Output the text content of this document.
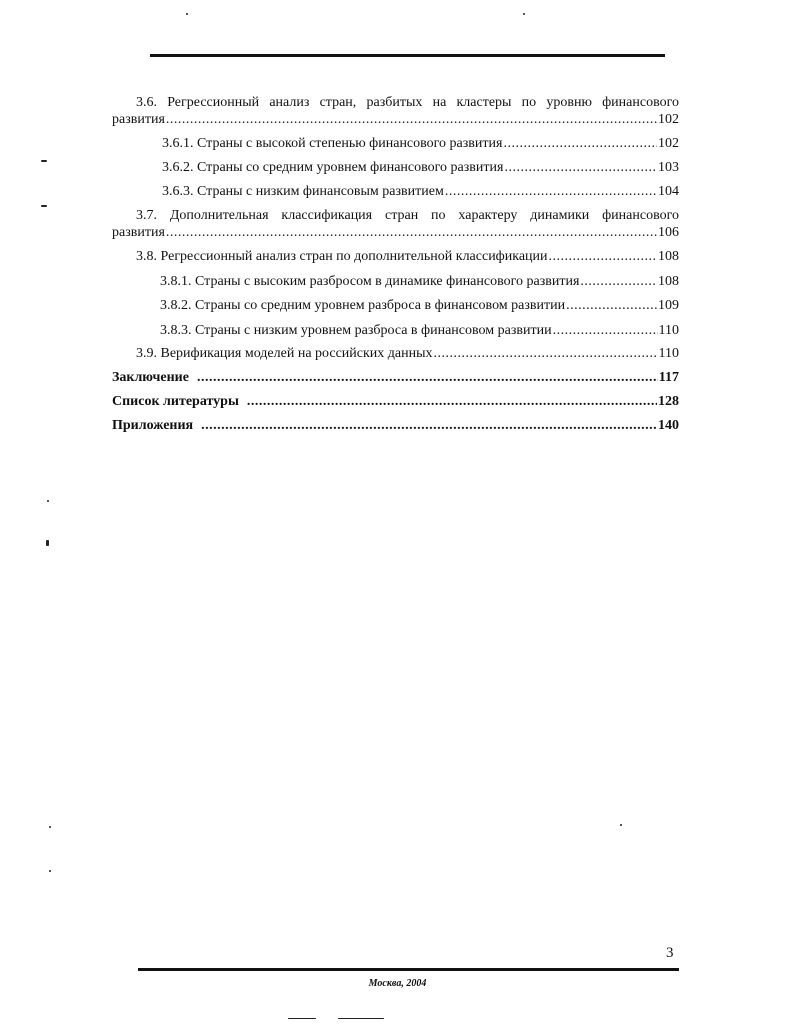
3.6. Регрессионный анализ стран, разбитых на кластеры по уровню финансового
развития .....	102
3.6.1. Страны с высокой степенью финансового развития .....	102
3.6.2. Страны со средним уровнем финансового развития .....	103
3.6.3. Страны с низким финансовым развитием .....	104
3.7. Дополнительная классификация стран по характеру динамики финансового
развития .....	106
3.8. Регрессионный анализ стран по дополнительной классификации .....	108
3.8.1. Страны с высоким разбросом в динамике финансового развития .....	108
3.8.2. Страны со средним уровнем разброса в финансовом развитии .....	109
3.8.3. Страны с низким уровнем разброса в финансовом развитии .....	110
3.9. Верификация моделей на российских данных .....	110
Заключение .....	117
Список литературы .....	128
Приложения .....	140
3
Москва, 2004
